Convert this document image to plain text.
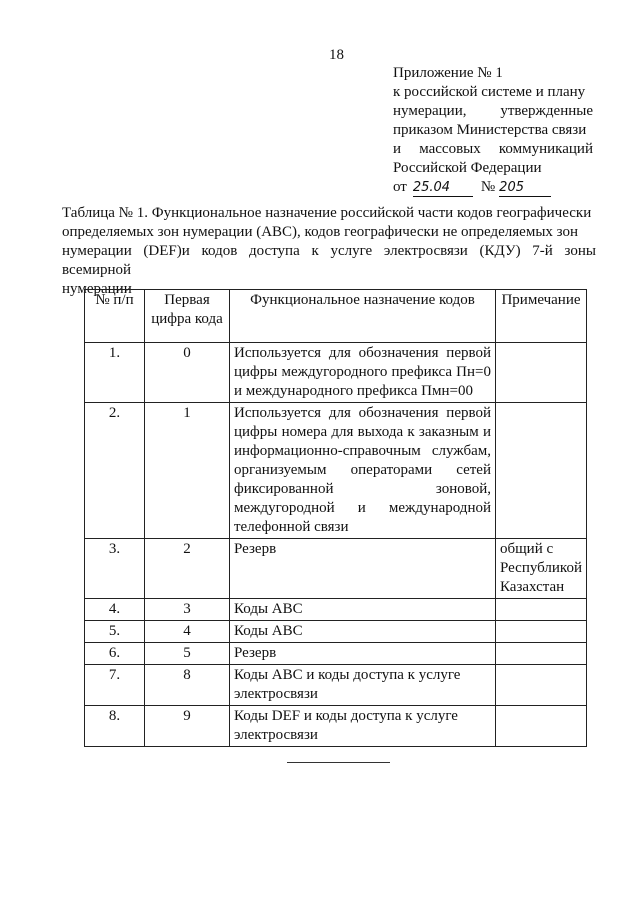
18
Приложение № 1
к российской системе и плану
нумерации, утвержденные
приказом Министерства связи
и массовых коммуникаций
Российской Федерации
от 25.04	№ 205
Таблица № 1. Функциональное назначение российской части кодов географически
определяемых зон нумерации (ABC), кодов географически не определяемых зон
нумерации (DEF)и кодов доступа к услуге электросвязи (КДУ) 7-й зоны всемирной
нумерации
№ п/п	Первая цифра кода	Функциональное назначение кодов	Примечание
1.	0	Используется для обозначения первой цифры междугородного префикса Пн=0 и международного префикса Пмн=00	
2.	1	Используется для обозначения первой цифры номера для выхода к заказным и информационно-справочным службам, организуемым операторами сетей фиксированной зоновой, междугородной и международной телефонной связи	
3.	2	Резерв	общий с Республикой Казахстан
4.	3	Коды ABC	
5.	4	Коды ABC	
6.	5	Резерв	
7.	8	Коды ABC и коды доступа к услуге электросвязи	
8.	9	Коды DEF и коды доступа к услуге электросвязи	
